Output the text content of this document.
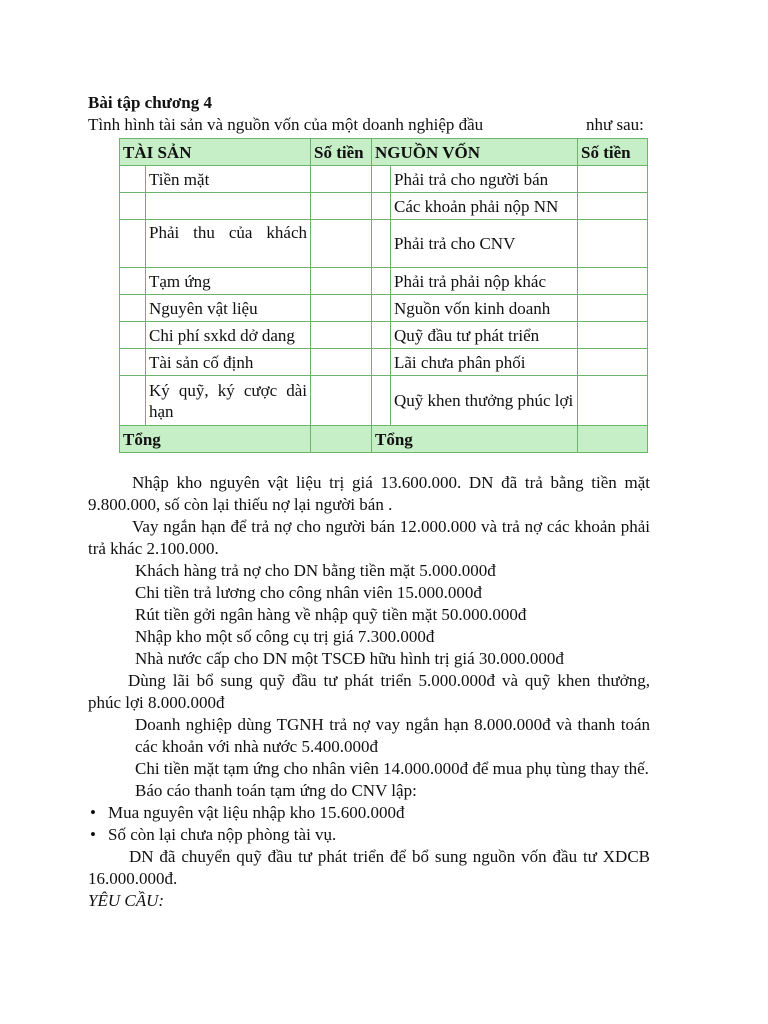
Bài tập chương 4
Tình hình tài sản và nguồn vốn của một doanh nghiệp đầu	như sau:
TÀI SẢN		Số tiền	NGUỒN VỐN		Số tiền
	Tiền mặt			Phải trả cho người bán	
				Các khoản phải nộp NN	
	Phải thu của khách			Phải trả cho CNV	
	Tạm ứng			Phải trả phải nộp khác	
	Nguyên vật liệu			Nguồn vốn kinh doanh	
	Chi phí sxkd dở dang			Quỹ đầu tư phát triển	
	Tài sản cố định			Lãi chưa phân phối	
	Ký quỹ, ký cược dài hạn			Quỹ khen thưởng phúc lợi	
Tổng			Tổng		

Nhập kho nguyên vật liệu trị giá 13.600.000. DN đã trả bằng tiền mặt 9.800.000, số còn lại thiếu nợ lại người bán .

Vay ngắn hạn để trả nợ cho người bán 12.000.000 và trả nợ các khoản phải trả khác 2.100.000.

Khách hàng trả nợ cho DN bằng tiền mặt 5.000.000đ

Chi tiền trả lương cho công nhân viên 15.000.000đ

Rút tiền gởi ngân hàng về nhập quỹ tiền mặt 50.000.000đ

Nhập kho một số công cụ trị giá 7.300.000đ

Nhà nước cấp cho DN một TSCĐ hữu hình trị giá 30.000.000đ

Dùng lãi bổ sung quỹ đầu tư phát triển 5.000.000đ và quỹ khen thưởng, phúc lợi 8.000.000đ

Doanh nghiệp dùng TGNH trả nợ vay ngắn hạn 8.000.000đ và thanh toán các khoản với nhà nước 5.400.000đ

Chi tiền mặt tạm ứng cho nhân viên 14.000.000đ để mua phụ tùng thay thế.

Báo cáo thanh toán tạm ứng do CNV lập:

• Mua nguyên vật liệu nhập kho 15.600.000đ
• Số còn lại chưa nộp phòng tài vụ.

DN đã chuyển quỹ đầu tư phát triển để bổ sung nguồn vốn đầu tư XDCB 16.000.000đ.

YÊU CẦU:
